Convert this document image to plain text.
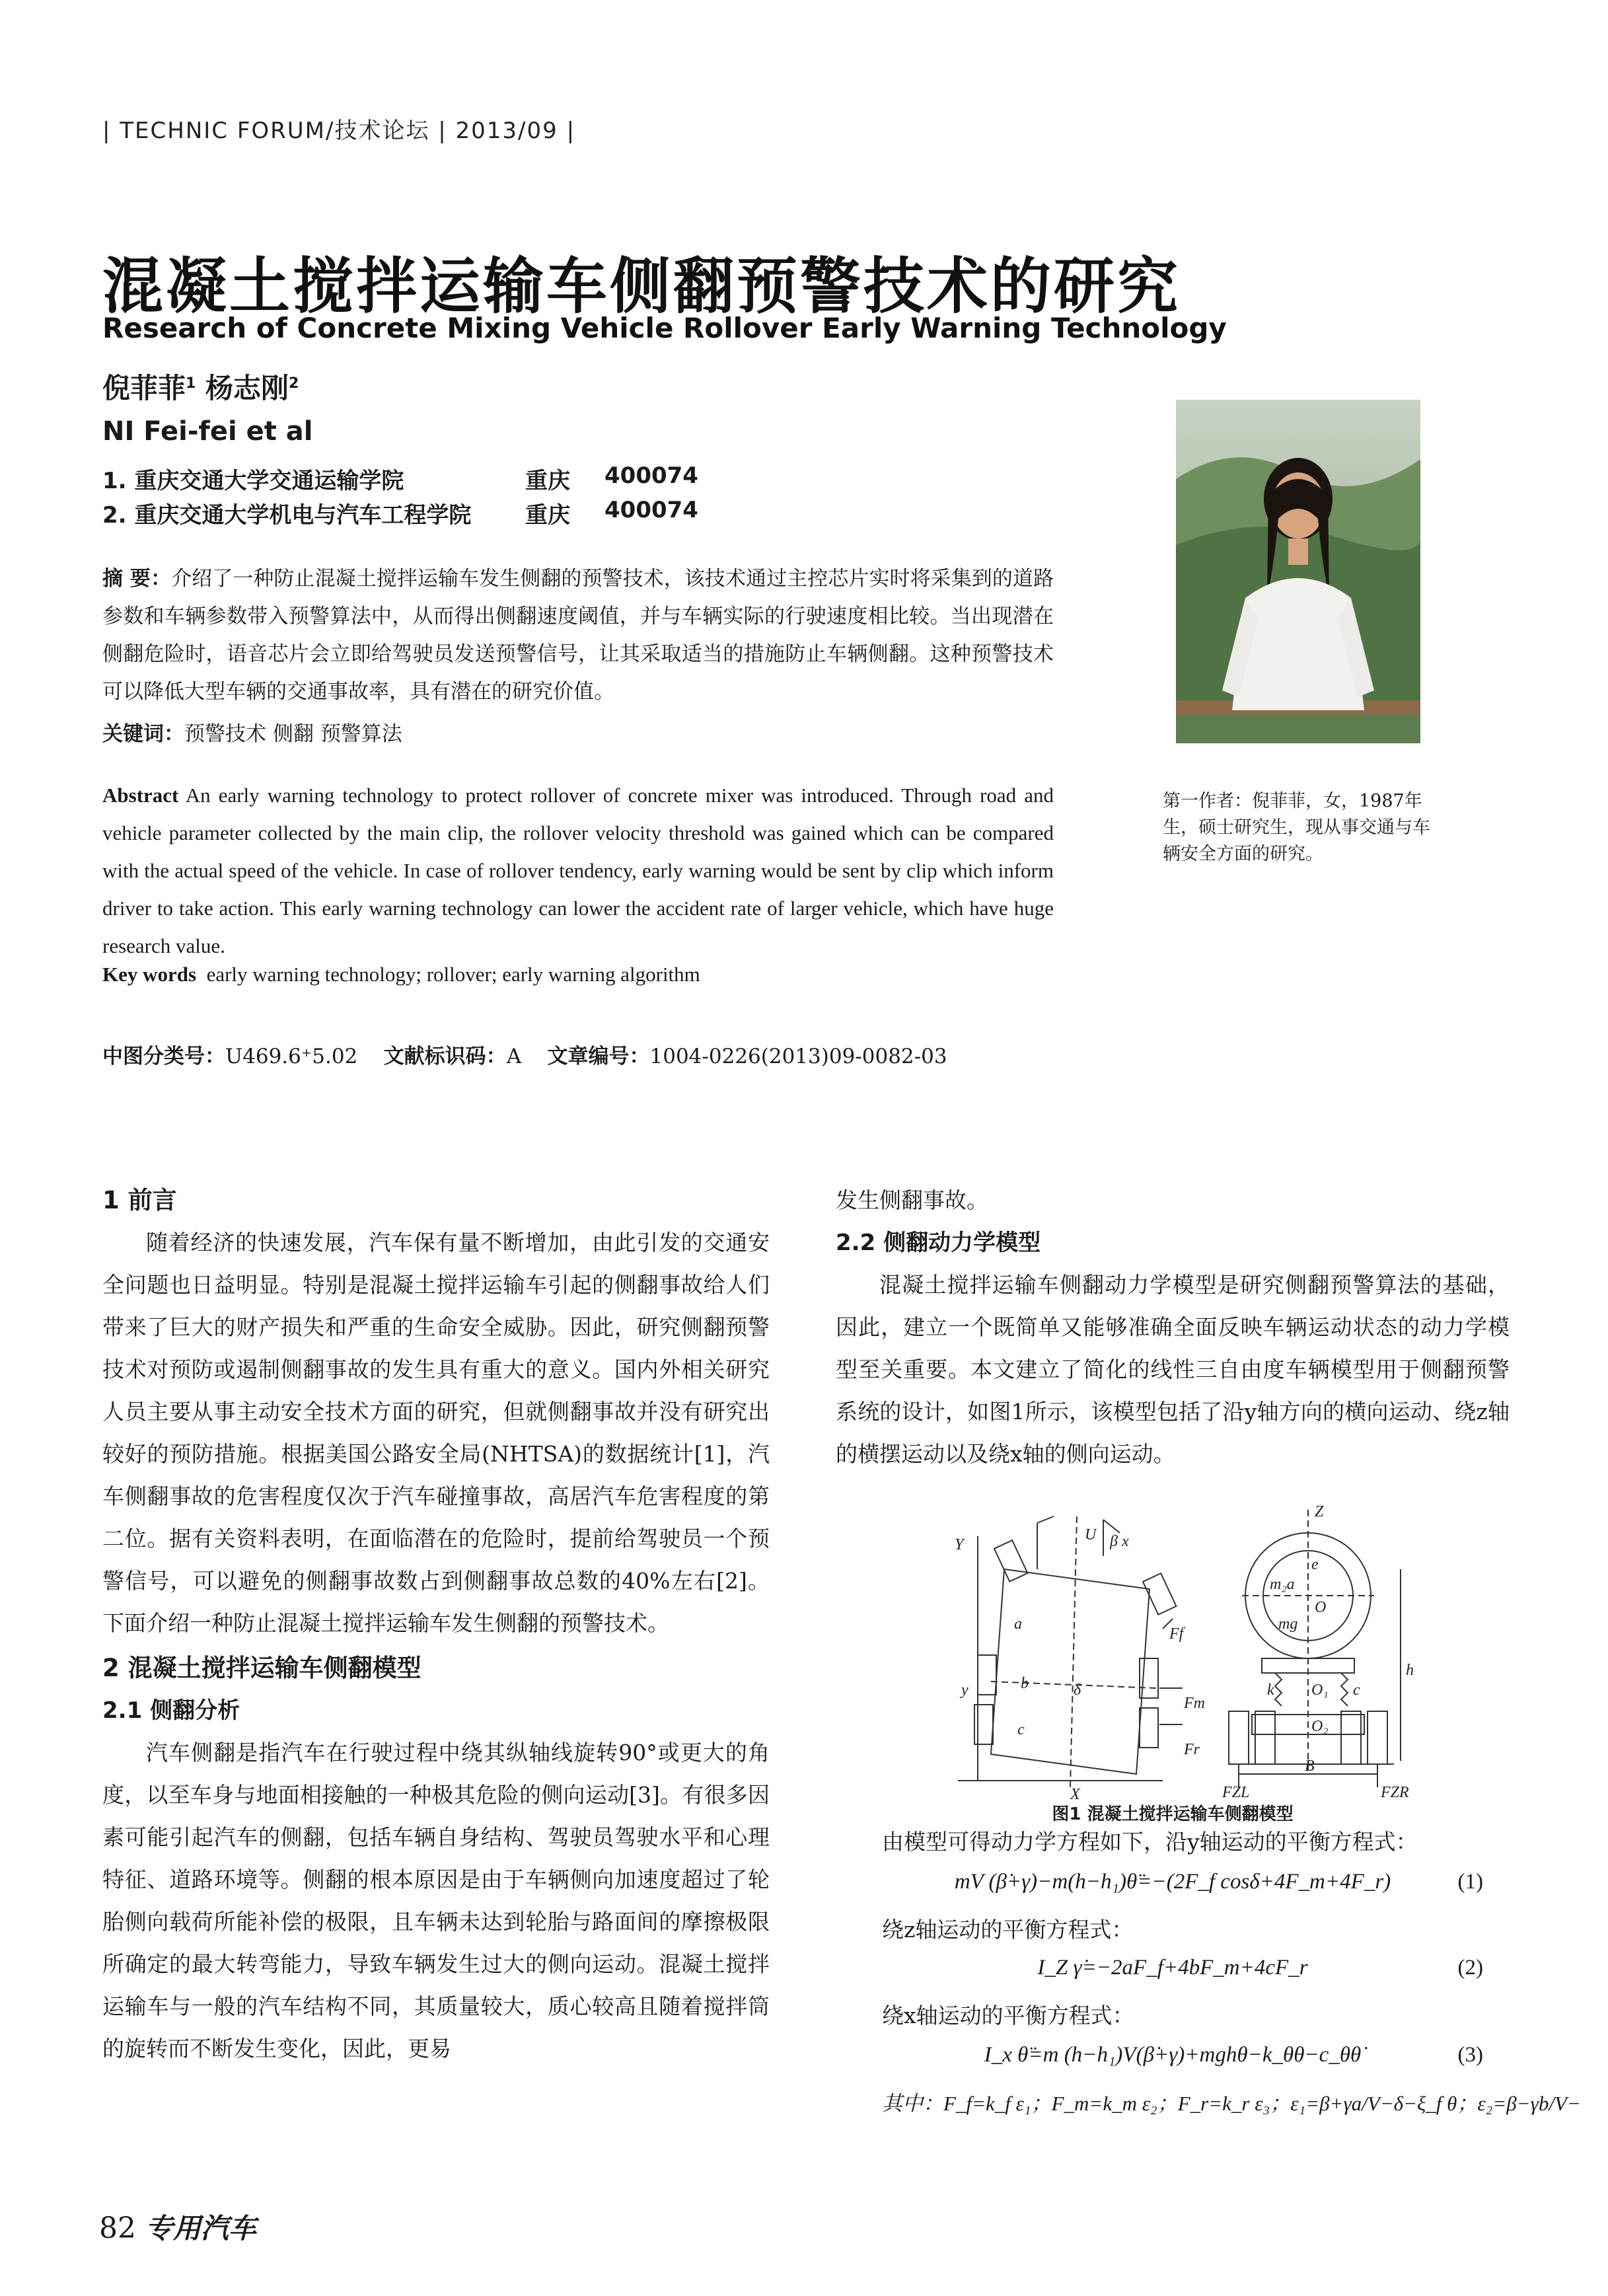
| TECHNIC FORUM/技术论坛 | 2013/09 |
混凝土搅拌运输车侧翻预警技术的研究
Research of Concrete Mixing Vehicle Rollover Early Warning Technology
倪菲菲$^1$ 杨志刚$^2$
NI Fei-fei et al
1. 重庆交通大学交通运输学院	重庆 400074
2. 重庆交通大学机电与汽车工程学院 重庆 400074
摘 要：介绍了一种防止混凝土搅拌运输车发生侧翻的预警技术，该技术通过主控芯片实时将采集到的道路参数和车辆参数带入预警算法中，从而得出侧翻速度阈值，并与车辆实际的行驶速度相比较。当出现潜在侧翻危险时，语音芯片会立即给驾驶员发送预警信号，让其采取适当的措施防止车辆侧翻。这种预警技术可以降低大型车辆的交通事故率，具有潜在的研究价值。
关键词：预警技术 侧翻 预警算法
Abstract An early warning technology to protect rollover of concrete mixer was introduced. Through road and vehicle parameter collected by the main clip, the rollover velocity threshold was gained which can be compared with the actual speed of the vehicle. In case of rollover tendency, early warning would be sent by clip which inform driver to take action. This early warning technology can lower the accident rate of larger vehicle, which have huge research value.
Key words early warning technology; rollover; early warning algorithm
中图分类号：U469.6⁺5.02 文献标识码：A 文章编号：1004-0226(2013)09-0082-03
第一作者：倪菲菲，女，1987年生，硕士研究生，现从事交通与车辆安全方面的研究。
1 前言

随着经济的快速发展，汽车保有量不断增加，由此引发的交通安全问题也日益明显。特别是混凝土搅拌运输车引起的侧翻事故给人们带来了巨大的财产损失和严重的生命安全威胁。因此，研究侧翻预警技术对预防或遏制侧翻事故的发生具有重大的意义。国内外相关研究人员主要从事主动安全技术方面的研究，但就侧翻事故并没有研究出较好的预防措施。根据美国公路安全局(NHTSA)的数据统计[1]，汽车侧翻事故的危害程度仅次于汽车碰撞事故，高居汽车危害程度的第二位。据有关资料表明，在面临潜在的危险时，提前给驾驶员一个预警信号，可以避免的侧翻事故数占到侧翻事故总数的40%左右[2]。下面介绍一种防止混凝土搅拌运输车发生侧翻的预警技术。

2 混凝土搅拌运输车侧翻模型
2.1 侧翻分析

汽车侧翻是指汽车在行驶过程中绕其纵轴线旋转90°或更大的角度，以至车身与地面相接触的一种极其危险的侧向运动[3]。有很多因素可能引起汽车的侧翻，包括车辆自身结构、驾驶员驾驶水平和心理特征、道路环境等。侧翻的根本原因是由于车辆侧向加速度超过了轮胎侧向载荷所能补偿的极限，且车辆未达到轮胎与路面间的摩擦极限所确定的最大转弯能力，导致车辆发生过大的侧向运动。混凝土搅拌运输车与一般的汽车结构不同，其质量较大，质心较高且随着搅拌筒的旋转而不断发生变化，因此，更易

发生侧翻事故。

2.2 侧翻动力学模型

混凝土搅拌运输车侧翻动力学模型是研究侧翻预警算法的基础，因此，建立一个既简单又能够准确全面反映车辆运动状态的动力学模型至关重要。本文建立了简化的线性三自由度车辆模型用于侧翻预警系统的设计，如图1所示，该模型包括了沿y轴方向的横向运动、绕z轴的横摆运动以及绕x轴的侧向运动。

Y
X
y
U β x
a
b
c
δ
Ff
Fm
Fr
Z
m₂a
e
O
mg
O₁
O₂
h
B
FZL	FZR
k	c
图1 混凝土搅拌运输车侧翻模型
由模型可得动力学方程如下，沿y轴运动的平衡方程式：
mV (β̇+γ)−m(h−h₁)θ̈=−(2F_f cosδ+4F_m+4F_r)	(1)
绕z轴运动的平衡方程式：
I_Z γ̇=−2aF_f+4bF_m+4cF_r	(2)
绕x轴运动的平衡方程式：
I_x θ̈=m (h−h₁)V(β̇+γ)+mghθ−k_θθ−c_θθ̇	(3)
其中：F_f=k_f ε₁；F_m=k_m ε₂；F_r=k_r ε₃；ε₁=β+γa/V−δ−ξ_f θ；ε₂=β−γb/V−
82 专用汽车
